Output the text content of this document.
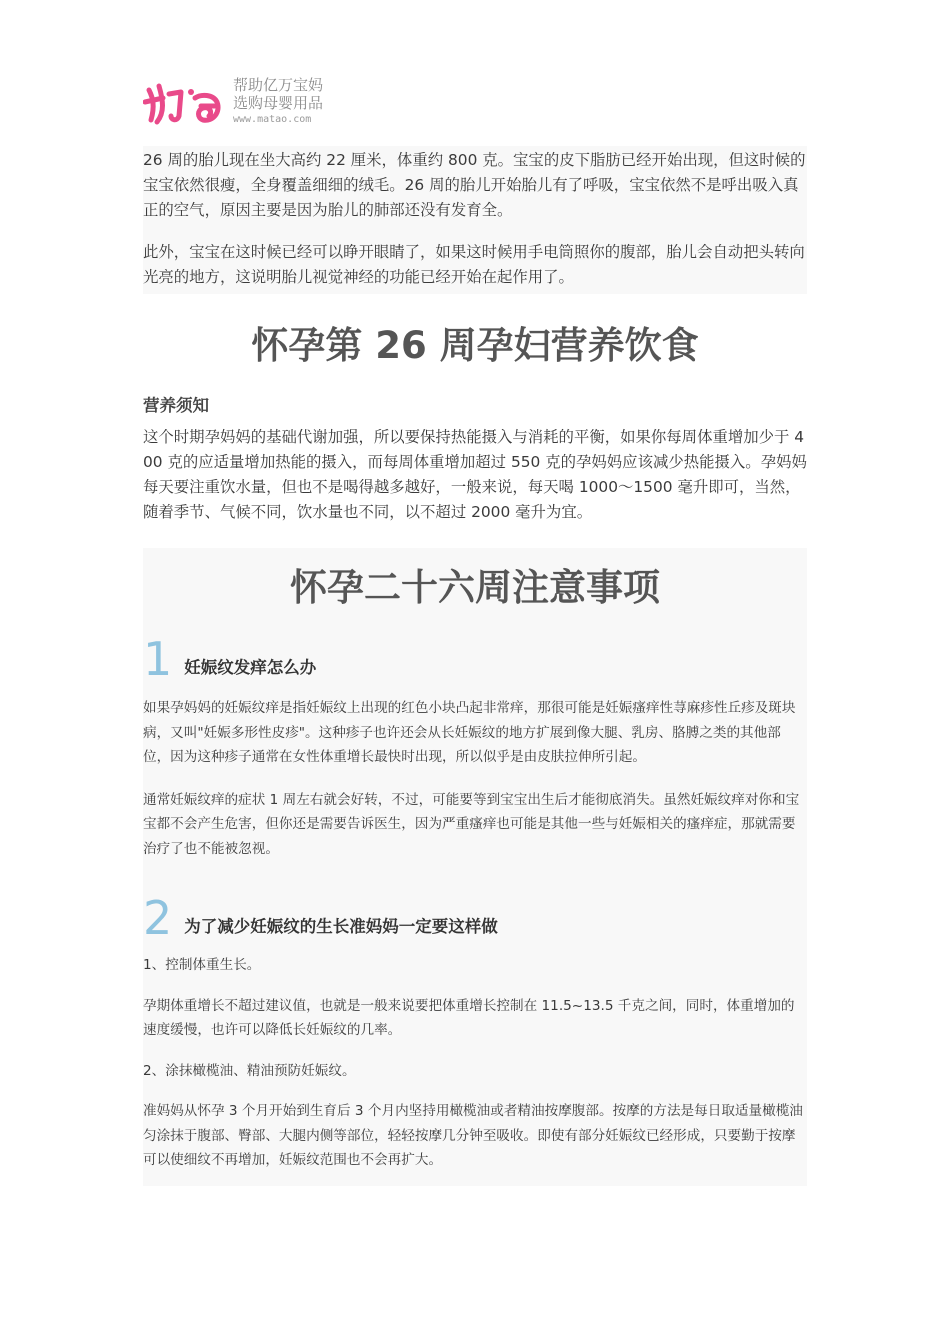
帮助亿万宝妈
选购母婴用品
www.matao.com

26 周的胎儿现在坐大高约 22 厘米，体重约 800 克。宝宝的皮下脂肪已经开始出现，但这时候的宝宝依然很瘦，全身覆盖细细的绒毛。26 周的胎儿开始胎儿有了呼吸，宝宝依然不是呼出吸入真正的空气，原因主要是因为胎儿的肺部还没有发育全。

此外，宝宝在这时候已经可以睁开眼睛了，如果这时候用手电筒照你的腹部，胎儿会自动把头转向光亮的地方，这说明胎儿视觉神经的功能已经开始在起作用了。

怀孕第 26 周孕妇营养饮食
营养须知

这个时期孕妈妈的基础代谢加强，所以要保持热能摄入与消耗的平衡，如果你每周体重增加少于 400 克的应适量增加热能的摄入，而每周体重增加超过 550 克的孕妈妈应该减少热能摄入。孕妈妈每天要注重饮水量，但也不是喝得越多越好，一般来说，每天喝 1000～1500 毫升即可，当然，随着季节、气候不同，饮水量也不同，以不超过 2000 毫升为宜。

怀孕二十六周注意事项
1 妊娠纹发痒怎么办

如果孕妈妈的妊娠纹痒是指妊娠纹上出现的红色小块凸起非常痒，那很可能是妊娠瘙痒性荨麻疹性丘疹及斑块病，又叫"妊娠多形性皮疹"。这种疹子也许还会从长妊娠纹的地方扩展到像大腿、乳房、胳膊之类的其他部位，因为这种疹子通常在女性体重增长最快时出现，所以似乎是由皮肤拉伸所引起。

通常妊娠纹痒的症状 1 周左右就会好转，不过，可能要等到宝宝出生后才能彻底消失。虽然妊娠纹痒对你和宝宝都不会产生危害，但你还是需要告诉医生，因为严重瘙痒也可能是其他一些与妊娠相关的瘙痒症，那就需要治疗了也不能被忽视。

2 为了减少妊娠纹的生长准妈妈一定要这样做

1、控制体重生长。

孕期体重增长不超过建议值，也就是一般来说要把体重增长控制在 11.5~13.5 千克之间，同时，体重增加的速度缓慢，也许可以降低长妊娠纹的几率。

2、涂抹橄榄油、精油预防妊娠纹。

准妈妈从怀孕 3 个月开始到生育后 3 个月内坚持用橄榄油或者精油按摩腹部。按摩的方法是每日取适量橄榄油匀涂抹于腹部、臀部、大腿内侧等部位，轻轻按摩几分钟至吸收。即使有部分妊娠纹已经形成，只要勤于按摩可以使细纹不再增加，妊娠纹范围也不会再扩大。
